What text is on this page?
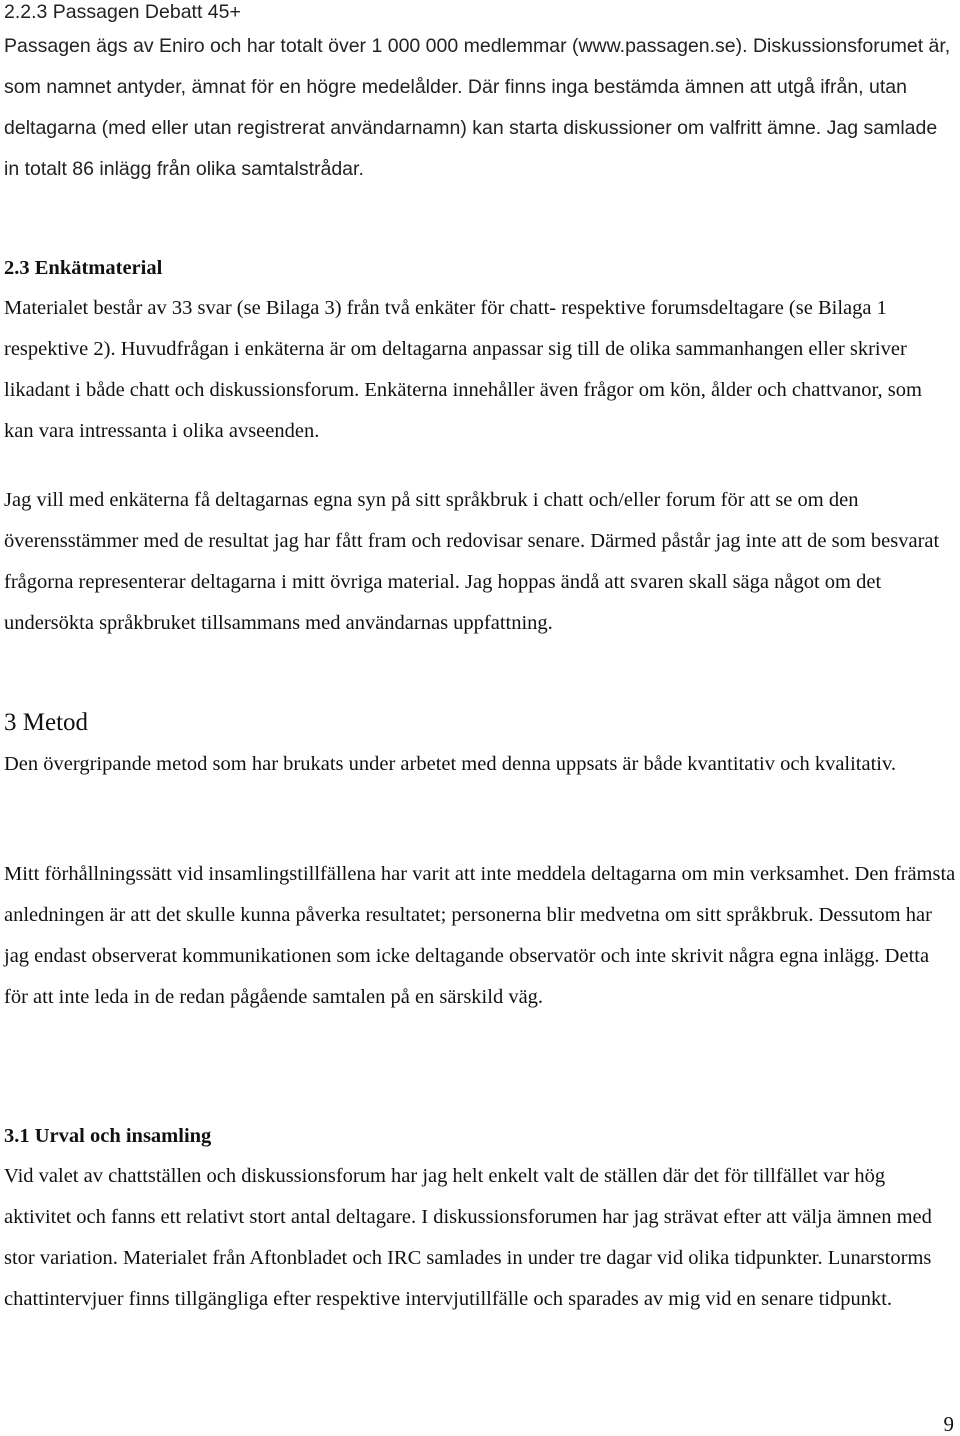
2.2.3 Passagen Debatt 45+

Passagen ägs av Eniro och har totalt över 1 000 000 medlemmar (www.passagen.se). Diskussionsforumet är, som namnet antyder, ämnat för en högre medelålder. Där finns inga bestämda ämnen att utgå ifrån, utan deltagarna (med eller utan registrerat användarnamn) kan starta diskussioner om valfritt ämne. Jag samlade in totalt 86 inlägg från olika samtalstrådar.

2.3 Enkätmaterial

Materialet består av 33 svar (se Bilaga 3) från två enkäter för chatt- respektive forumsdeltagare (se Bilaga 1 respektive 2). Huvudfrågan i enkäterna är om deltagarna anpassar sig till de olika sammanhangen eller skriver likadant i både chatt och diskussionsforum. Enkäterna innehåller även frågor om kön, ålder och chattvanor, som kan vara intressanta i olika avseenden.

Jag vill med enkäterna få deltagarnas egna syn på sitt språkbruk i chatt och/eller forum för att se om den överensstämmer med de resultat jag har fått fram och redovisar senare. Därmed påstår jag inte att de som besvarat frågorna representerar deltagarna i mitt övriga material. Jag hoppas ändå att svaren skall säga något om det undersökta språkbruket tillsammans med användarnas uppfattning.

3 Metod

Den övergripande metod som har brukats under arbetet med denna uppsats är både kvantitativ och kvalitativ.

Mitt förhållningssätt vid insamlingstillfällena har varit att inte meddela deltagarna om min verksamhet. Den främsta anledningen är att det skulle kunna påverka resultatet; personerna blir medvetna om sitt språkbruk. Dessutom har jag endast observerat kommunikationen som icke deltagande observatör och inte skrivit några egna inlägg. Detta för att inte leda in de redan pågående samtalen på en särskild väg.

3.1 Urval och insamling

Vid valet av chattställen och diskussionsforum har jag helt enkelt valt de ställen där det för tillfället var hög aktivitet och fanns ett relativt stort antal deltagare. I diskussionsforumen har jag strävat efter att välja ämnen med stor variation. Materialet från Aftonbladet och IRC samlades in under tre dagar vid olika tidpunkter. Lunarstorms chattintervjuer finns tillgängliga efter respektive intervjutillfälle och sparades av mig vid en senare tidpunkt.

9
